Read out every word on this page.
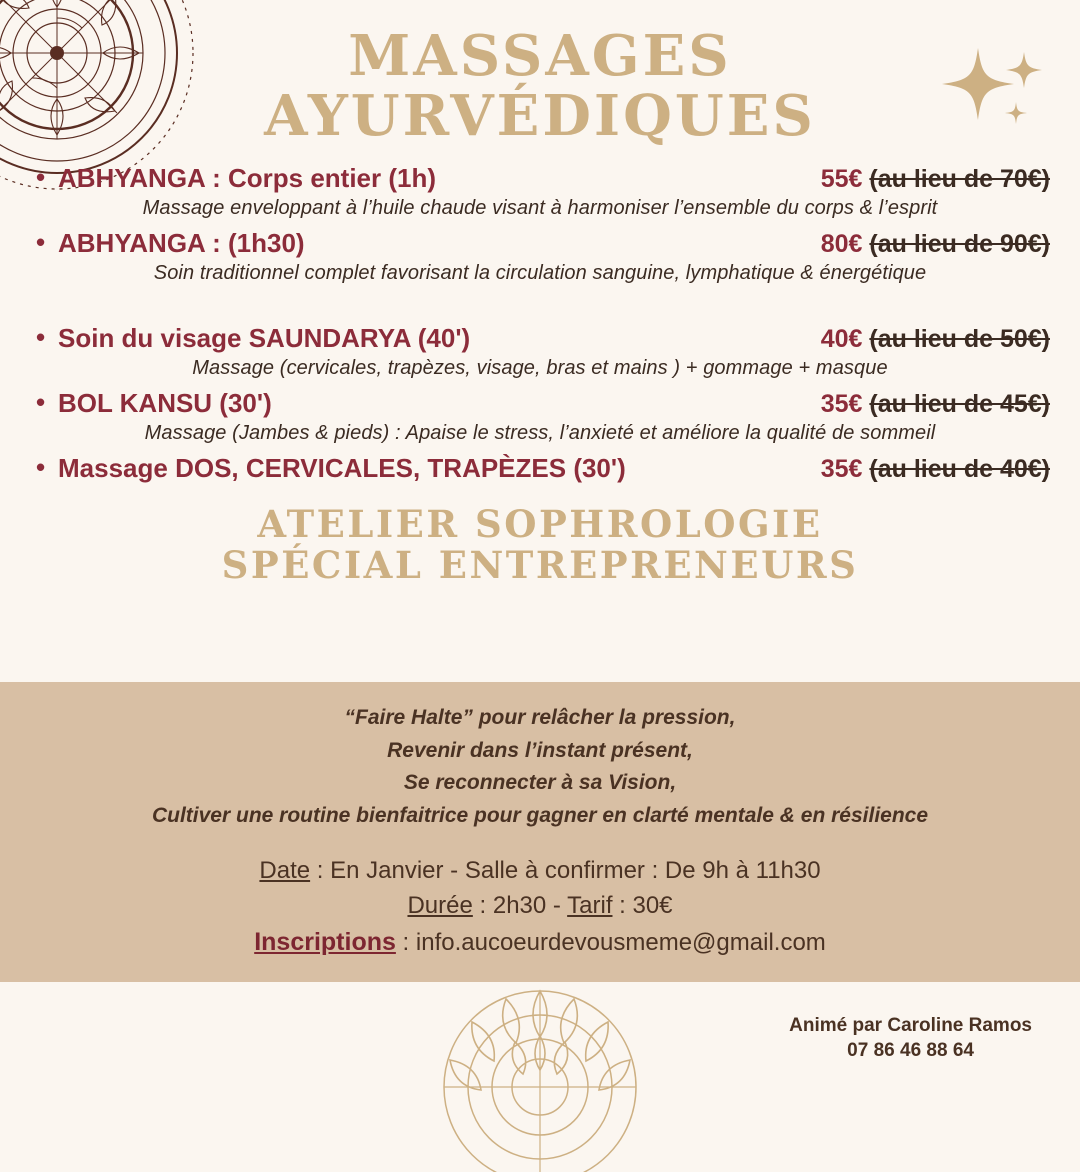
MASSAGES
AYURVÉDIQUES
• ABHYANGA : Corps entier (1h)	55€ (au lieu de 70€)
Massage enveloppant à l’huile chaude visant à harmoniser l’ensemble du corps & l’esprit
• ABHYANGA : (1h30)	80€ (au lieu de 90€)
Soin traditionnel complet favorisant la circulation sanguine, lymphatique & énergétique
• Soin du visage SAUNDARYA (40')	40€ (au lieu de 50€)
Massage (cervicales, trapèzes, visage, bras et mains ) + gommage + masque
• BOL KANSU (30')	35€ (au lieu de 45€)
Massage (Jambes & pieds) : Apaise le stress, l’anxieté et améliore la qualité de sommeil
• Massage DOS, CERVICALES, TRAPÈZES (30')	35€ (au lieu de 40€)
ATELIER SOPHROLOGIE
SPÉCIAL ENTREPRENEURS
“Faire Halte” pour relâcher la pression,
Revenir dans l’instant présent,
Se reconnecter à sa Vision,
Cultiver une routine bienfaitrice pour gagner en clarté mentale & en résilience
Date : En Janvier - Salle à confirmer : De 9h à 11h30
Durée : 2h30 - Tarif : 30€
Inscriptions : info.aucoeurdevousmeme@gmail.com
Animé par Caroline Ramos
07 86 46 88 64
